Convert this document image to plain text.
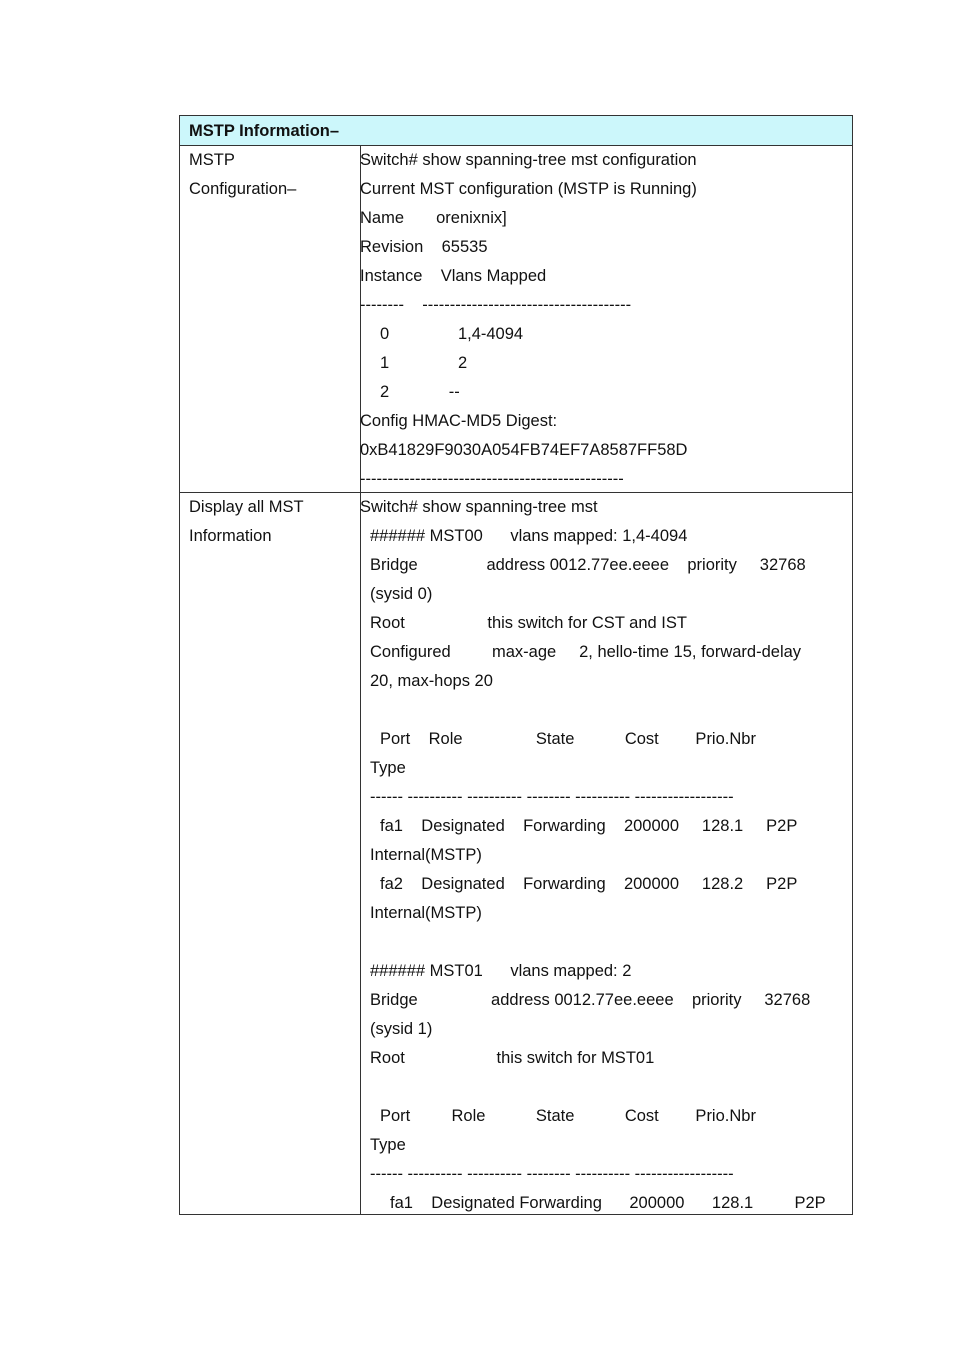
MSTP Information–
MSTP
Configuration–
Display all MST
Information
Switch# show spanning-tree mst configuration
Current MST configuration (MSTP is Running)
Name       orenixnix]
Revision    65535
Instance    Vlans Mapped
--------    --------------------------------------
0               1,4-4094
1               2
2             --
Config HMAC-MD5 Digest:
0xB41829F9030A054FB74EF7A8587FF58D
------------------------------------------------
Switch# show spanning-tree mst
###### MST00      vlans mapped: 1,4-4094
Bridge               address 0012.77ee.eeee    priority     32768
(sysid 0)
Root                  this switch for CST and IST
Configured         max-age     2, hello-time 15, forward-delay
20, max-hops 20
Port    Role                State           Cost        Prio.Nbr
Type
------ ---------- ---------- -------- ---------- ------------------
fa1    Designated    Forwarding    200000     128.1     P2P
Internal(MSTP)
fa2    Designated    Forwarding    200000     128.2     P2P
Internal(MSTP)
###### MST01      vlans mapped: 2
Bridge                address 0012.77ee.eeee    priority     32768
(sysid 1)
Root                    this switch for MST01
Port         Role           State           Cost        Prio.Nbr
Type
------ ---------- ---------- -------- ---------- ------------------
fa1    Designated Forwarding      200000      128.1         P2P
